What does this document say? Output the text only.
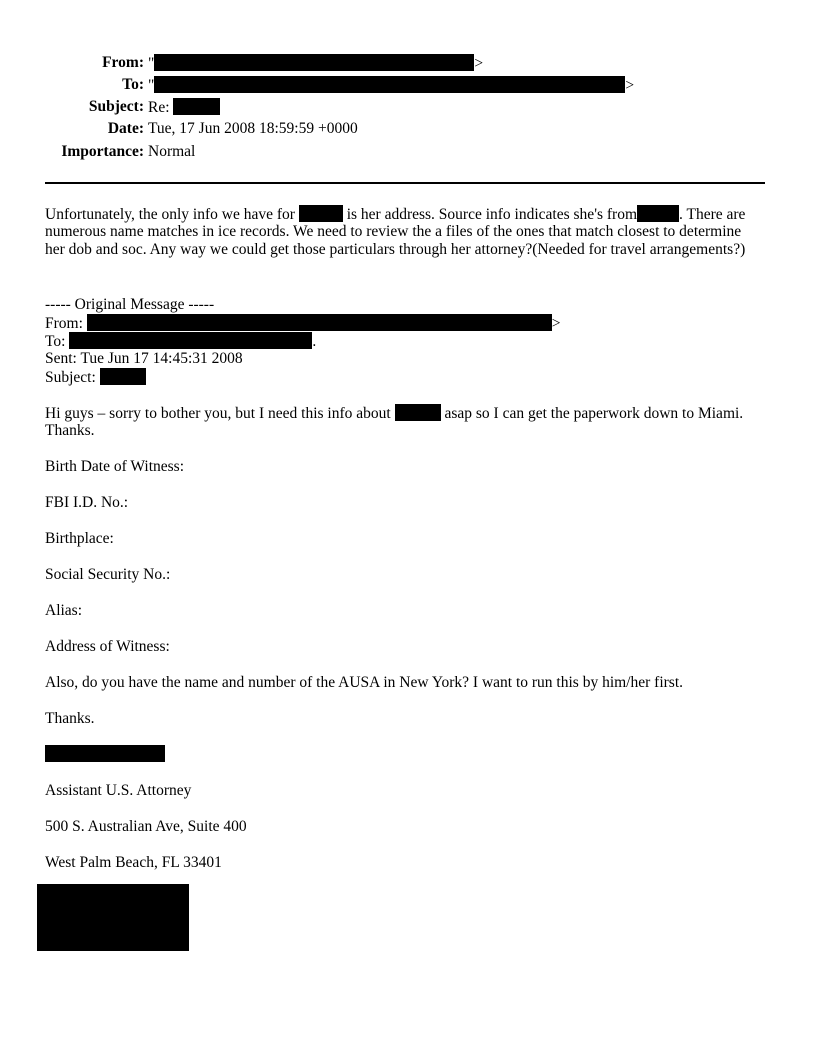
From: "	>
To: "	>
Subject: Re:
Date: Tue, 17 Jun 2008 18:59:59 +0000
Importance: Normal
Unfortunately, the only info we have for	is her address. Source info indicates she's from	. There are
numerous name matches in ice records. We need to review the a files of the ones that match closest to determine
her dob and soc. Any way we could get those particulars through her attorney?(Needed for travel arrangements?)
----- Original Message -----
From:	>
To:	.
Sent: Tue Jun 17 14:45:31 2008
Subject:
Hi guys – sorry to bother you, but I need this info about	asap so I can get the paperwork down to Miami.
Thanks.
Birth Date of Witness:
FBI I.D. No.:
Birthplace:
Social Security No.:
Alias:
Address of Witness:
Also, do you have the name and number of the AUSA in New York? I want to run this by him/her first.
Thanks.
Assistant U.S. Attorney
500 S. Australian Ave, Suite 400
West Palm Beach, FL 33401
